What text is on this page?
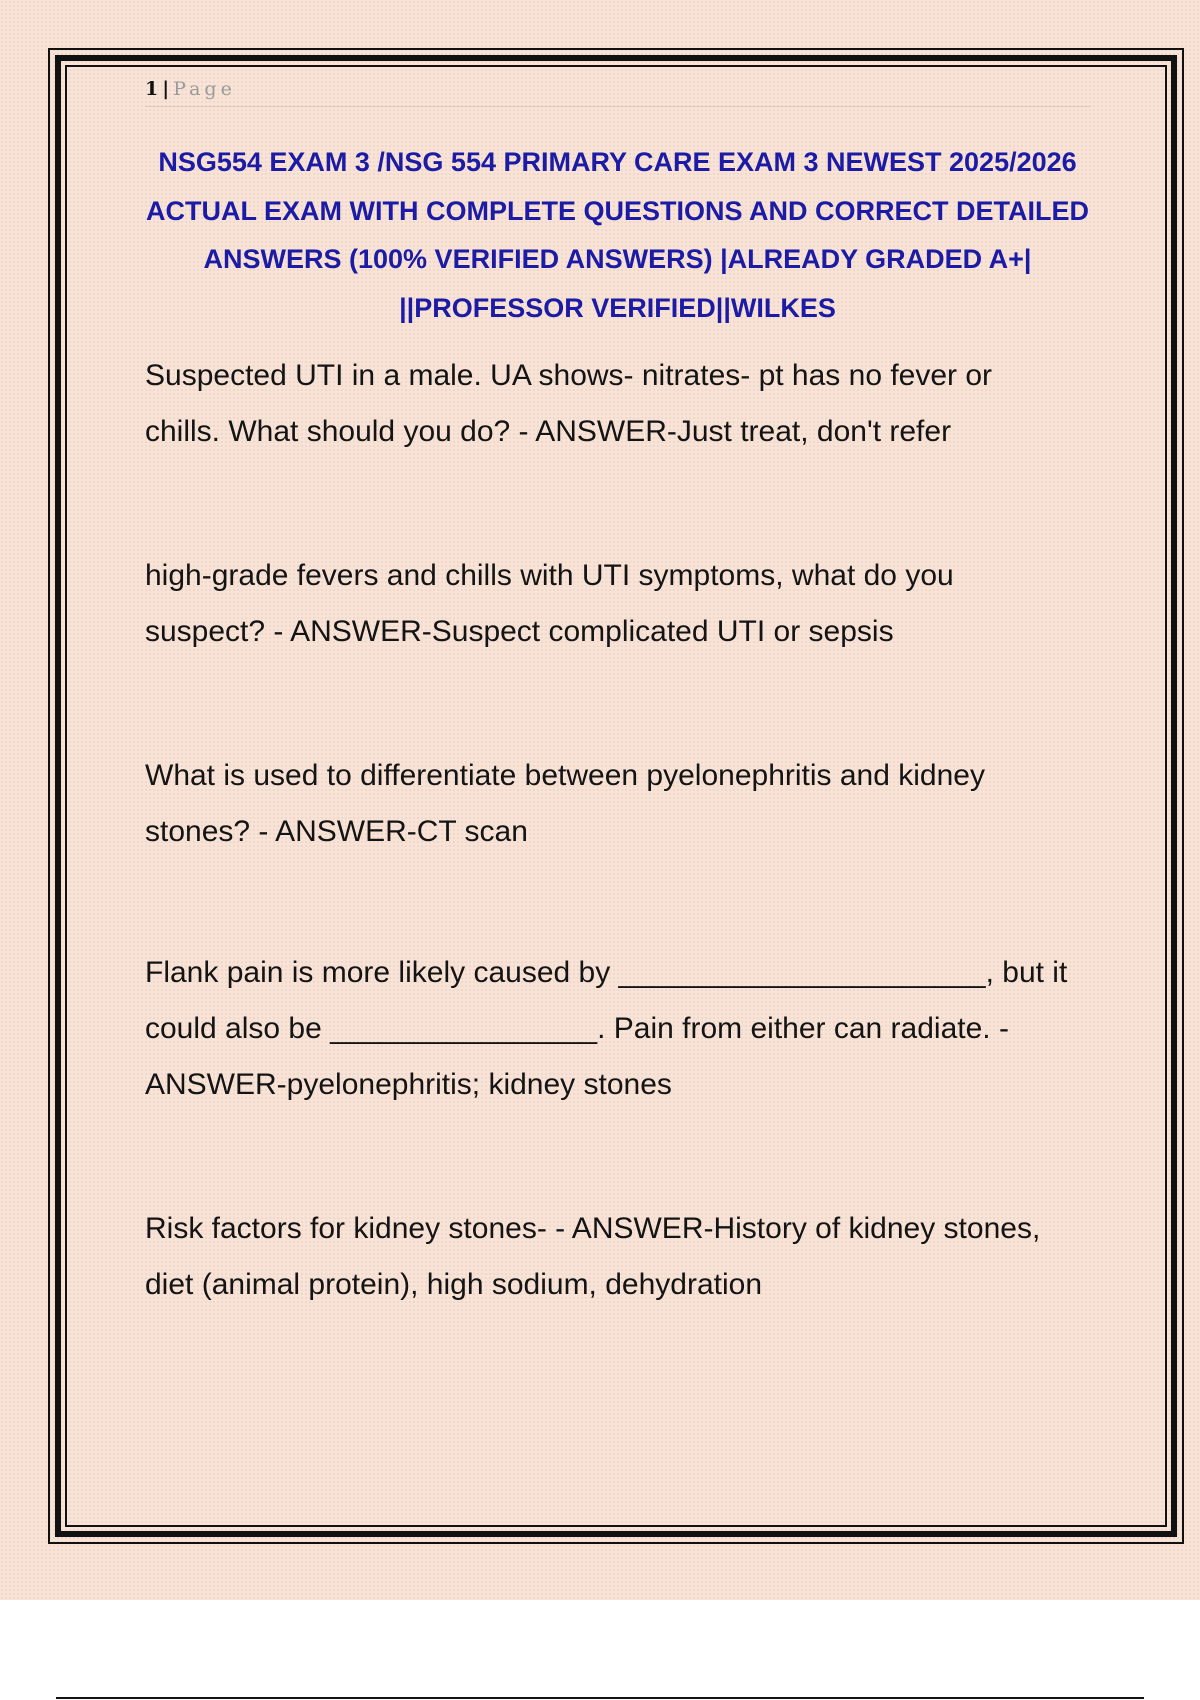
1 | Page
NSG554 EXAM 3 /NSG 554 PRIMARY CARE EXAM 3 NEWEST 2025/2026 ACTUAL EXAM WITH COMPLETE QUESTIONS AND CORRECT DETAILED ANSWERS (100% VERIFIED ANSWERS) |ALREADY GRADED A+| ||PROFESSOR VERIFIED||WILKES

Suspected UTI in a male. UA shows- nitrates- pt has no fever or chills. What should you do? - ANSWER-Just treat, don't refer

high-grade fevers and chills with UTI symptoms, what do you suspect? - ANSWER-Suspect complicated UTI or sepsis

What is used to differentiate between pyelonephritis and kidney stones? - ANSWER-CT scan

Flank pain is more likely caused by ______________________, but it could also be ________________. Pain from either can radiate. - ANSWER-pyelonephritis; kidney stones

Risk factors for kidney stones- - ANSWER-History of kidney stones, diet (animal protein), high sodium, dehydration
